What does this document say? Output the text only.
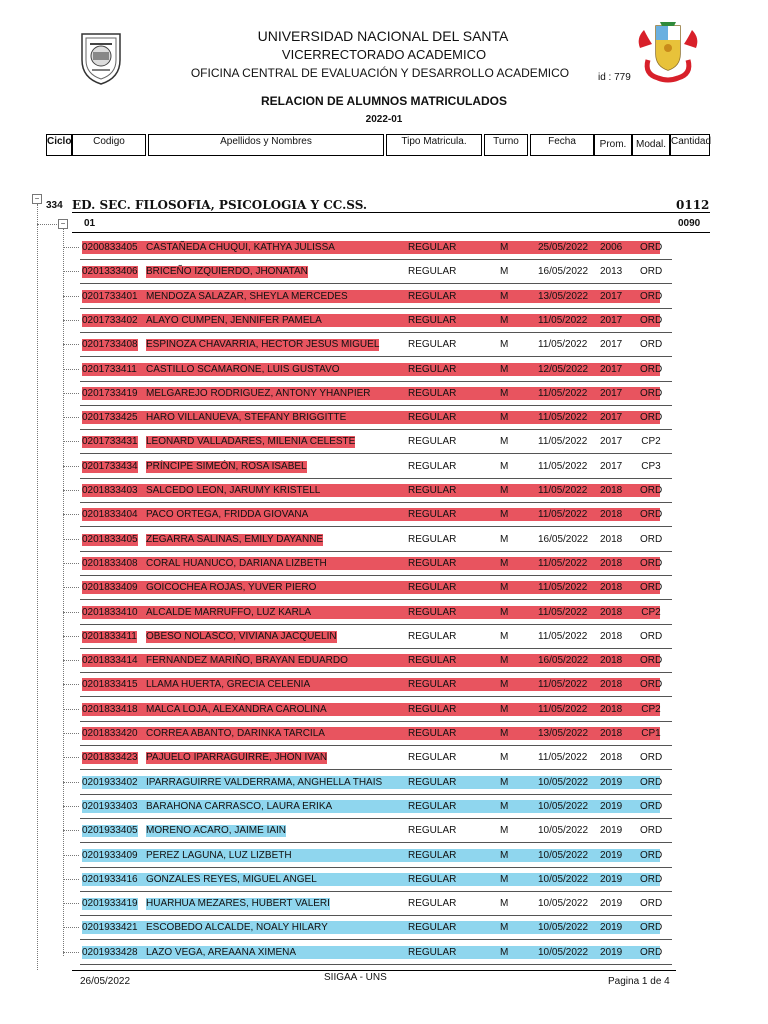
UNIVERSIDAD NACIONAL DEL SANTA
VICERRECTORADO ACADEMICO
OFICINA CENTRAL DE EVALUACIÓN Y DESARROLLO ACADEMICO	id : 779
RELACION DE ALUMNOS MATRICULADOS
2022-01
Ciclo	Codigo	Apellidos y Nombres	Tipo Matricula.	Turno	Fecha	Prom. Modal. Cantidad
−
334 ED. SEC. FILOSOFIA, PSICOLOGIA Y CC.SS.	0112
− 01	0090
0200833405 CASTAÑEDA CHUQUI, KATHYA JULISSA	REGULAR	M	25/05/2022 2006 ORD
0201333406 BRICEÑO IZQUIERDO, JHONATAN	REGULAR	M	16/05/2022 2013 ORD
0201733401 MENDOZA SALAZAR, SHEYLA MERCEDES	REGULAR	M	13/05/2022 2017 ORD
0201733402 ALAYO CUMPEN, JENNIFER PAMELA	REGULAR	M	11/05/2022 2017 ORD
0201733408 ESPINOZA CHAVARRIA, HECTOR JESUS MIGUEL	REGULAR	M	11/05/2022 2017 ORD
0201733411 CASTILLO SCAMARONE, LUIS GUSTAVO	REGULAR	M	12/05/2022 2017 ORD
0201733419 MELGAREJO RODRIGUEZ, ANTONY YHANPIER	REGULAR	M	11/05/2022 2017 ORD
0201733425 HARO VILLANUEVA, STEFANY BRIGGITTE	REGULAR	M	11/05/2022 2017 ORD
0201733431 LEONARD VALLADARES, MILENIA CELESTE	REGULAR	M	11/05/2022 2017 CP2
0201733434 PRÍNCIPE SIMEÓN, ROSA ISABEL	REGULAR	M	11/05/2022 2017 CP3
0201833403 SALCEDO LEON, JARUMY KRISTELL	REGULAR	M	11/05/2022 2018 ORD
0201833404 PACO ORTEGA, FRIDDA GIOVANA	REGULAR	M	11/05/2022 2018 ORD
0201833405 ZEGARRA SALINAS, EMILY DAYANNE	REGULAR	M	16/05/2022 2018 ORD
0201833408 CORAL HUANUCO, DARIANA LIZBETH	REGULAR	M	11/05/2022 2018 ORD
0201833409 GOICOCHEA ROJAS, YUVER PIERO	REGULAR	M	11/05/2022 2018 ORD
0201833410 ALCALDE MARRUFFO, LUZ KARLA	REGULAR	M	11/05/2022 2018 CP2
0201833411 OBESO NOLASCO, VIVIANA JACQUELIN	REGULAR	M	11/05/2022 2018 ORD
0201833414 FERNANDEZ MARIÑO, BRAYAN EDUARDO	REGULAR	M	16/05/2022 2018 ORD
0201833415 LLAMA HUERTA, GRECIA CELENIA	REGULAR	M	11/05/2022 2018 ORD
0201833418 MALCA LOJA, ALEXANDRA CAROLINA	REGULAR	M	11/05/2022 2018 CP2
0201833420 CORREA ABANTO, DARINKA TARCILA	REGULAR	M	13/05/2022 2018 CP1
0201833423 PAJUELO IPARRAGUIRRE, JHON IVAN	REGULAR	M	11/05/2022 2018 ORD
0201933402 IPARRAGUIRRE VALDERRAMA, ANGHELLA THAIS	REGULAR	M	10/05/2022 2019 ORD
0201933403 BARAHONA CARRASCO, LAURA ERIKA	REGULAR	M	10/05/2022 2019 ORD
0201933405 MORENO ACARO, JAIME IAIN	REGULAR	M	10/05/2022 2019 ORD
0201933409 PEREZ LAGUNA, LUZ LIZBETH	REGULAR	M	10/05/2022 2019 ORD
0201933416 GONZALES REYES, MIGUEL ANGEL	REGULAR	M	10/05/2022 2019 ORD
0201933419 HUARHUA MEZARES, HUBERT VALERI	REGULAR	M	10/05/2022 2019 ORD
0201933421 ESCOBEDO ALCALDE, NOALY HILARY	REGULAR	M	10/05/2022 2019 ORD
0201933428 LAZO VEGA, AREAANA XIMENA	REGULAR	M	10/05/2022 2019 ORD
26/05/2022	SIIGAA - UNS	Pagina 1 de 4
